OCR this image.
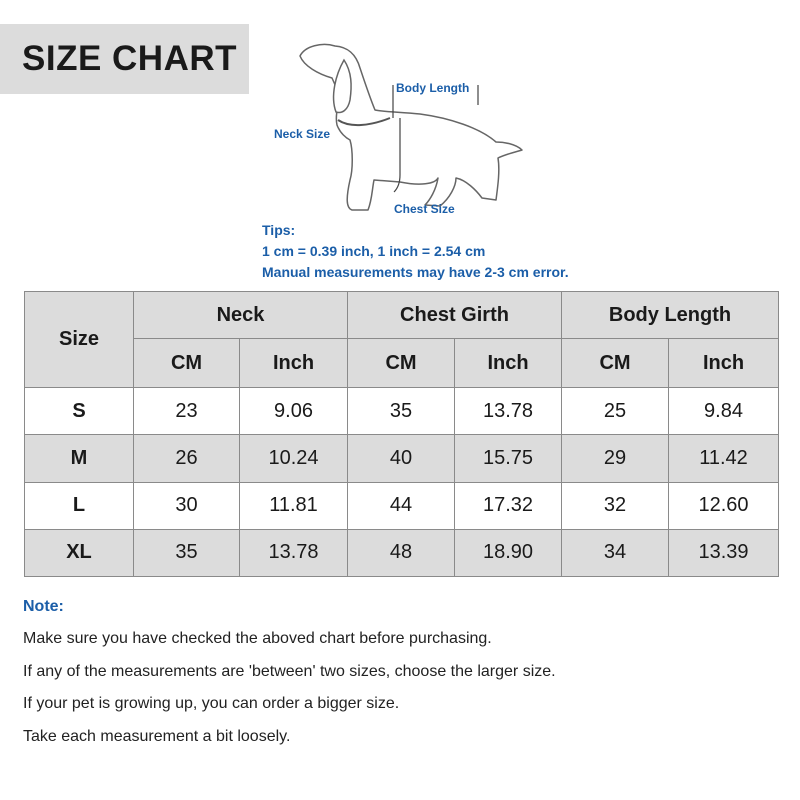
SIZE CHART
Body Length
Neck Size
Chest Size
Tips:
1 cm = 0.39 inch, 1 inch = 2.54 cm
Manual measurements may have 2-3 cm error.
Size	Neck		Chest Girth		Body Length	
	CM	Inch	CM	Inch	CM	Inch
S	23	9.06	35	13.78	25	9.84
M	26	10.24	40	15.75	29	11.42
L	30	11.81	44	17.32	32	12.60
XL	35	13.78	48	18.90	34	13.39
Note:
Make sure you have checked the aboved chart before purchasing.
If any of the measurements are 'between' two sizes, choose the larger size.
If your pet is growing up, you can order a bigger size.
Take each measurement a bit loosely.
